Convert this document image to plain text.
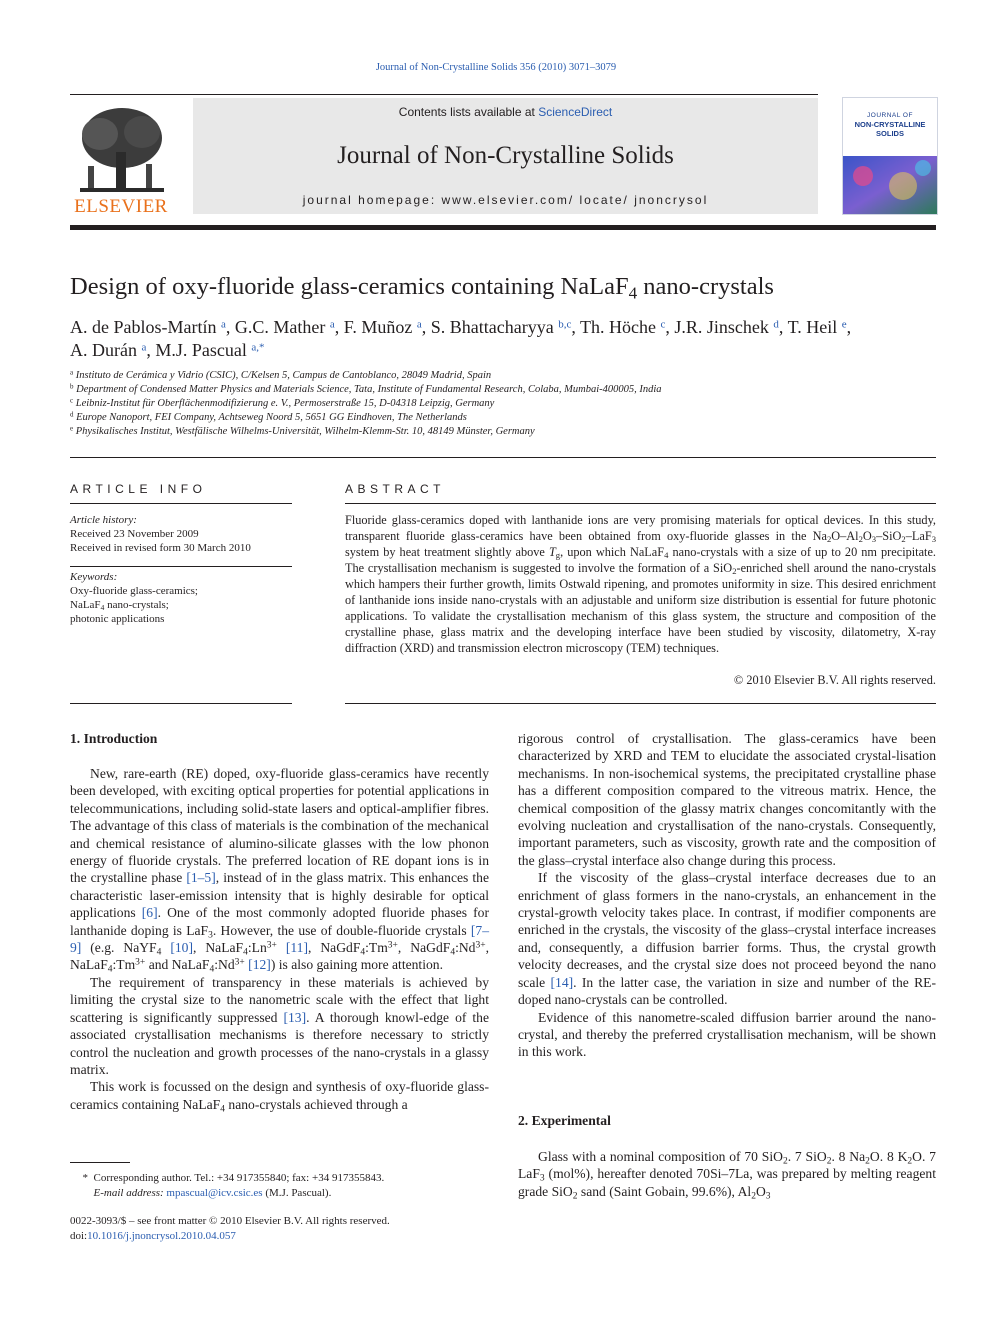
Journal of Non-Crystalline Solids 356 (2010) 3071–3079
ELSEVIER
Contents lists available at ScienceDirect
Journal of Non-Crystalline Solids
journal homepage: www.elsevier.com/ locate/ jnoncrysol
JOURNAL OF
NON-CRYSTALLINE SOLIDS
Design of oxy-fluoride glass-ceramics containing NaLaF$_4$ nano-crystals
A. de Pablos-Martín $^a$, G.C. Mather $^a$, F. Muñoz $^a$, S. Bhattacharyya $^{b,c}$, Th. Höche $^c$, J.R. Jinschek $^d$, T. Heil $^e$,
A. Durán $^a$, M.J. Pascual $^{a,*}$
$^a$ Instituto de Cerámica y Vidrio (CSIC), C/Kelsen 5, Campus de Cantoblanco, 28049 Madrid, Spain
$^b$ Department of Condensed Matter Physics and Materials Science, Tata, Institute of Fundamental Research, Colaba, Mumbai-400005, India
$^c$ Leibniz-Institut für Oberflächenmodifizierung e. V., Permoserstraße 15, D-04318 Leipzig, Germany
$^d$ Europe Nanoport, FEI Company, Achtseweg Noord 5, 5651 GG Eindhoven, The Netherlands
$^e$ Physikalisches Institut, Westfälische Wilhelms-Universität, Wilhelm-Klemm-Str. 10, 48149 Münster, Germany
ARTICLE INFO
Article history:
Received 23 November 2009
Received in revised form 30 March 2010
Keywords:
Oxy-fluoride glass-ceramics;
NaLaF$_4$ nano-crystals;
photonic applications
ABSTRACT
Fluoride glass-ceramics doped with lanthanide ions are very promising materials for optical devices. In this study, transparent fluoride glass-ceramics have been obtained from oxy-fluoride glasses in the $Na_2O-Al_2O_3-SiO_2-LaF_3$ system by heat treatment slightly above $T_g$, upon which NaLaF$_4$ nano-crystals with a size of up to 20 nm precipitate. The crystallisation mechanism is suggested to involve the formation of a SiO$_2$-enriched shell around the nano-crystals which hampers their further growth, limits Ostwald ripening, and promotes uniformity in size. This desired enrichment of lanthanide ions inside nano-crystals with an adjustable and uniform size distribution is essential for future photonic applications. To validate the crystallisation mechanism of this glass system, the structure and composition of the crystalline phase, glass matrix and the developing interface have been studied by viscosity, dilatometry, X-ray diffraction (XRD) and transmission electron microscopy (TEM) techniques.
© 2010 Elsevier B.V. All rights reserved.
1. Introduction

New, rare-earth (RE) doped, oxy-fluoride glass-ceramics have recently been developed, with exciting optical properties for potential applications in telecommunications, including solid-state lasers and optical-amplifier fibres. The advantage of this class of materials is the combination of the mechanical and chemical resistance of alumino-silicate glasses with the low phonon energy of fluoride crystals. The preferred location of RE dopant ions is in the crystalline phase [1–5], instead of in the glass matrix. This enhances the characteristic laser-emission intensity that is highly desirable for optical applications [6]. One of the most commonly adopted fluoride phases for lanthanide doping is LaF$_3$. However, the use of double-fluoride crystals [7–9] (e.g. NaYF$_4$ [10], $NaLaF_4:Ln^{3+}$ [11], $NaGdF_4:Tm^{3+}$, $NaGdF_4:Nd^{3+}$, $NaLaF_4:Tm^{3+}$ and $NaLaF_4:Nd^{3+}$ [12]) is also gaining more attention.

The requirement of transparency in these materials is achieved by limiting the crystal size to the nanometric scale with the effect that light scattering is significantly suppressed [13]. A thorough knowl-edge of the associated crystallisation mechanisms is therefore necessary to strictly control the nucleation and growth processes of the nano-crystals in a glassy matrix.

This work is focussed on the design and synthesis of oxy-fluoride glass-ceramics containing NaLaF$_4$ nano-crystals achieved through a

* Corresponding author. Tel.: +34 917355840; fax: +34 917355843.
E-mail address: mpascual@icv.csic.es (M.J. Pascual).
0022-3093/$ – see front matter © 2010 Elsevier B.V. All rights reserved.
doi:10.1016/j.jnoncrysol.2010.04.057

rigorous control of crystallisation. The glass-ceramics have been characterized by XRD and TEM to elucidate the associated crystal-lisation mechanisms. In non-isochemical systems, the precipitated crystalline phase has a different composition compared to the vitreous matrix. Hence, the chemical composition of the glassy matrix changes concomitantly with the evolving nucleation and crystallisation of the nano-crystals. Consequently, important parameters, such as viscosity, growth rate and the composition of the glass–crystal interface also change during this process.

If the viscosity of the glass–crystal interface decreases due to an enrichment of glass formers in the nano-crystals, an enhancement in the crystal-growth velocity takes place. In contrast, if modifier components are enriched in the crystals, the viscosity of the glass–crystal interface increases and, consequently, a diffusion barrier forms. Thus, the crystal growth velocity decreases, and the crystal size does not proceed beyond the nano scale [14]. In the latter case, the variation in size and number of the RE-doped nano-crystals can be controlled.

Evidence of this nanometre-scaled diffusion barrier around the nano-crystal, and thereby the preferred crystallisation mechanism, will be shown in this work.

2. Experimental

Glass with a nominal composition of 70 SiO$_2$. 7 SiO$_2$. 8 $Na_2O$. 8 $K_2O$. 7 LaF$_3$ (mol%), hereafter denoted 70Si–7La, was prepared by melting reagent grade SiO$_2$ sand (Saint Gobain, 99.6%), $Al_2O_3$
